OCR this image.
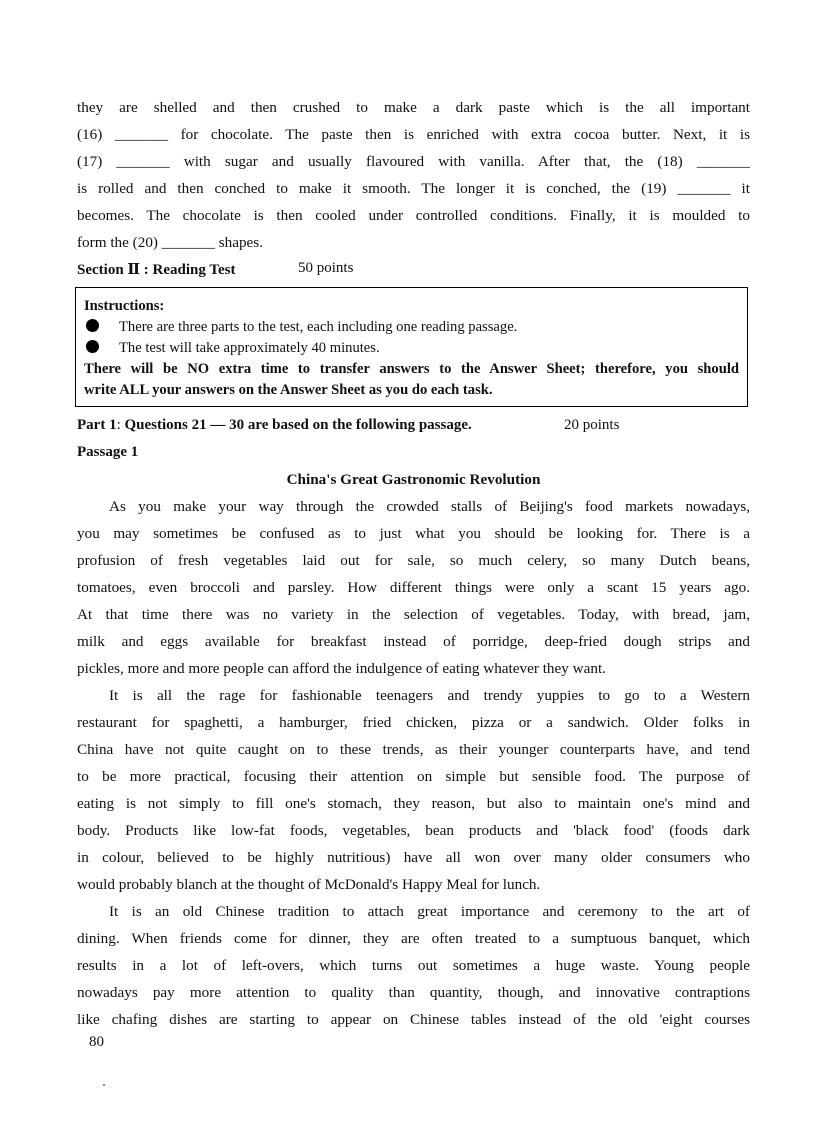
they are shelled and then crushed to make a dark paste which is the all important
(16) _______ for chocolate. The paste then is enriched with extra cocoa butter. Next, it is
(17) _______ with sugar and usually flavoured with vanilla. After that, the (18) _______
is rolled and then conched to make it smooth. The longer it is conched, the (19) _______ it
becomes. The chocolate is then cooled under controlled conditions. Finally, it is moulded to
form the (20) _______ shapes.
Section Ⅱ : Reading Test	50 points
Instructions:
There are three parts to the test, each including one reading passage.
The test will take approximately 40 minutes.
There will be NO extra time to transfer answers to the Answer Sheet; therefore, you should
write ALL your answers on the Answer Sheet as you do each task.
Part 1: Questions 21 — 30 are based on the following passage.	20 points
Passage 1
China's Great Gastronomic Revolution
As you make your way through the crowded stalls of Beijing's food markets nowadays,
you may sometimes be confused as to just what you should be looking for. There is a
profusion of fresh vegetables laid out for sale, so much celery, so many Dutch beans,
tomatoes, even broccoli and parsley. How different things were only a scant 15 years ago.
At that time there was no variety in the selection of vegetables. Today, with bread, jam,
milk and eggs available for breakfast instead of porridge, deep-fried dough strips and
pickles, more and more people can afford the indulgence of eating whatever they want.
It is all the rage for fashionable teenagers and trendy yuppies to go to a Western
restaurant for spaghetti, a hamburger, fried chicken, pizza or a sandwich. Older folks in
China have not quite caught on to these trends, as their younger counterparts have, and tend
to be more practical, focusing their attention on simple but sensible food. The purpose of
eating is not simply to fill one's stomach, they reason, but also to maintain one's mind and
body. Products like low-fat foods, vegetables, bean products and 'black food' (foods dark
in colour, believed to be highly nutritious) have all won over many older consumers who
would probably blanch at the thought of McDonald's Happy Meal for lunch.
It is an old Chinese tradition to attach great importance and ceremony to the art of
dining. When friends come for dinner, they are often treated to a sumptuous banquet, which
results in a lot of left-overs, which turns out sometimes a huge waste. Young people
nowadays pay more attention to quality than quantity, though, and innovative contraptions
like chafing dishes are starting to appear on Chinese tables instead of the old 'eight courses
80
